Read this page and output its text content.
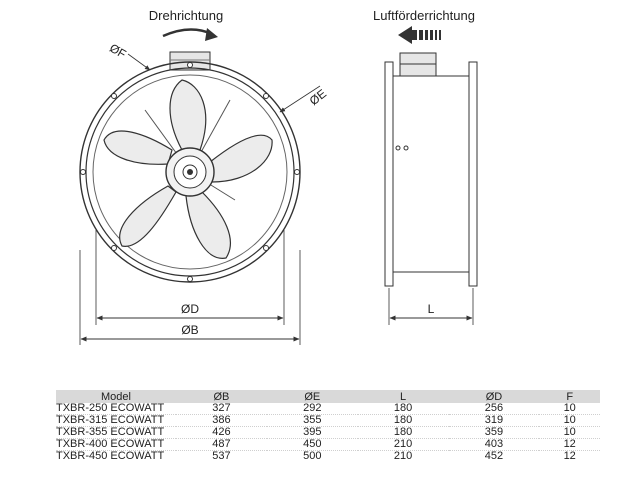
Drehrichtung
ØF
ØE
ØD
ØB
Luftförderrichtung
L
Model	ØB	ØE	L	ØD	F
TXBR-250 ECOWATT	327	292	180	256	10
TXBR-315 ECOWATT	386	355	180	319	10
TXBR-355 ECOWATT	426	395	180	359	10
TXBR-400 ECOWATT	487	450	210	403	12
TXBR-450 ECOWATT	537	500	210	452	12
